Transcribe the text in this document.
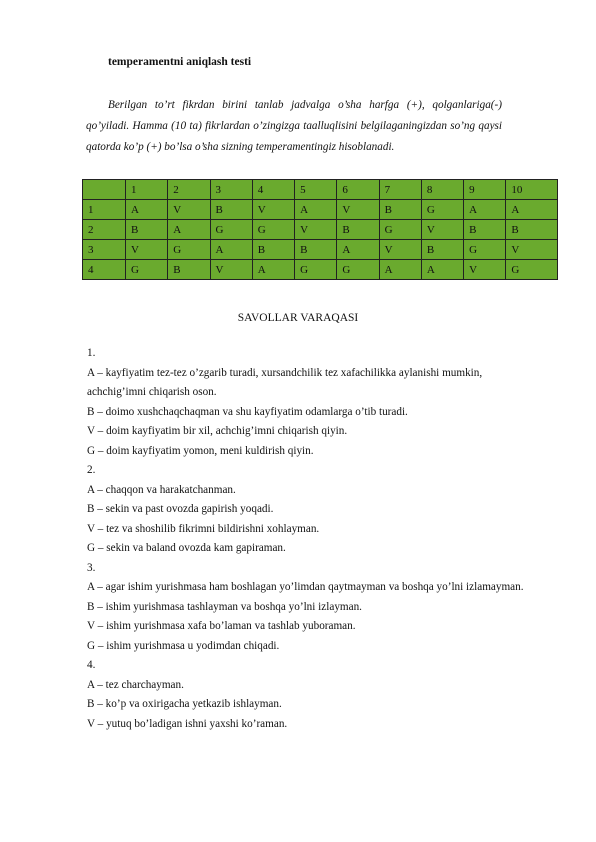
temperamentni aniqlash testi
Berilgan to’rt fikrdan birini tanlab jadvalga o’sha harfga (+), qolganlariga(-) qo’yiladi. Hamma (10 ta) fikrlardan o’zingizga taalluqlisini belgilaganingizdan so’ng qaysi qatorda ko’p (+) bo’lsa o’sha sizning temperamentingiz hisoblanadi.
	1	2	3	4	5	6	7	8	9	10
1	A	V	B	V	A	V	B	G	A	A
2	B	A	G	G	V	B	G	V	B	B
3	V	G	A	B	B	A	V	B	G	V
4	G	B	V	A	G	G	A	A	V	G
SAVOLLAR VARAQASI

1.

A – kayfiyatim tez-tez o’zgarib turadi, xursandchilik tez xafachilikka aylanishi mumkin, achchig’imni chiqarish oson.

B – doimo xushchaqchaqman va shu kayfiyatim odamlarga o’tib turadi.

V – doim kayfiyatim bir xil, achchig’imni chiqarish qiyin.

G – doim kayfiyatim yomon, meni kuldirish qiyin.

2.

A – chaqqon va harakatchanman.

B – sekin va past ovozda gapirish yoqadi.

V – tez va shoshilib fikrimni bildirishni xohlayman.

G – sekin va baland ovozda kam gapiraman.

3.

A – agar ishim yurishmasa ham boshlagan yo’limdan qaytmayman va boshqa yo’lni izlamayman.

B – ishim yurishmasa tashlayman va boshqa yo’lni izlayman.

V – ishim yurishmasa xafa bo’laman va tashlab yuboraman.

G – ishim yurishmasa u yodimdan chiqadi.

4.

A – tez charchayman.

B – ko’p va oxirigacha yetkazib ishlayman.

V – yutuq bo’ladigan ishni yaxshi ko’raman.
